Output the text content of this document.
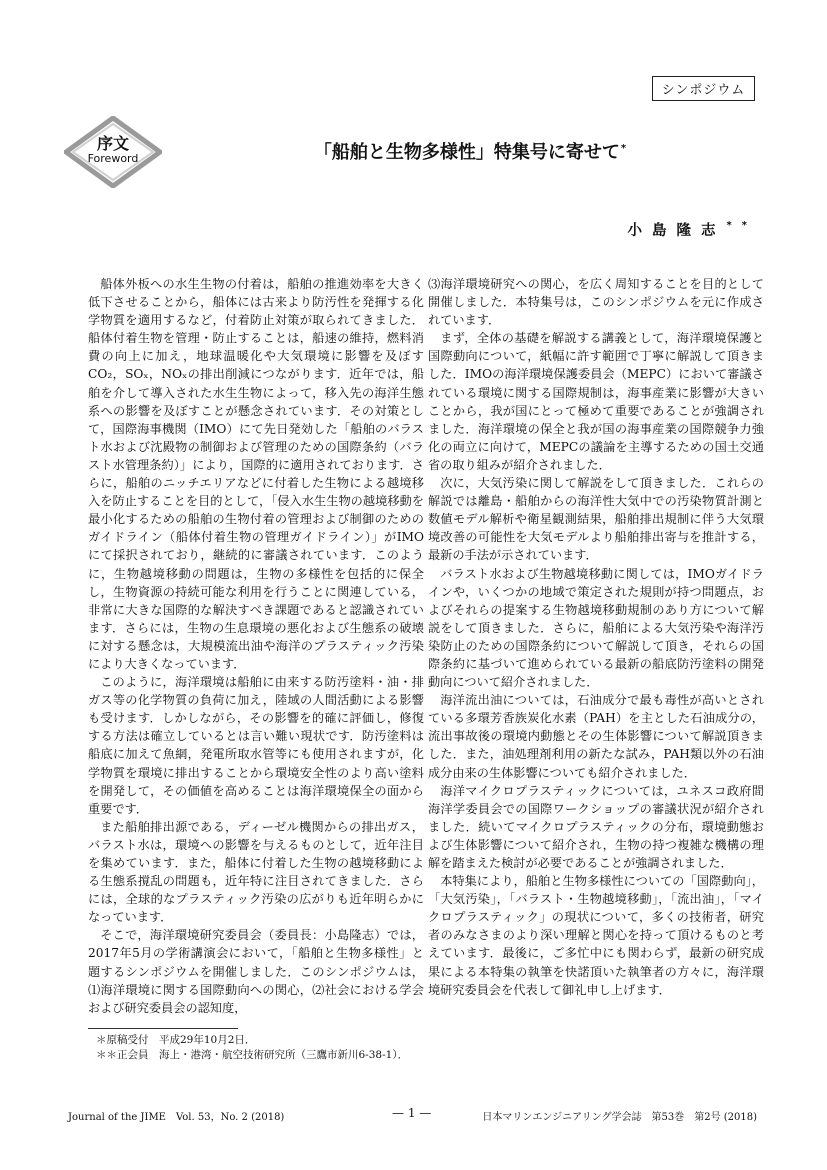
シンポジウム
序文
Foreword	「船舶と生物多様性」特集号に寄せて*
小島隆志**

船体外板への水生生物の付着は，船舶の推進効率を大きく低下させることから，船体には古来より防汚性を発揮する化学物質を適用するなど，付着防止対策が取られてきました．船体付着生物を管理・防止することは，船速の維持，燃料消費の向上に加え，地球温暖化や大気環境に影響を及ぼすCO₂，SOₓ，NOₓの排出削減につながります．近年では，船舶を介して導入された水生生物によって，移入先の海洋生態系への影響を及ぼすことが懸念されています．その対策として，国際海事機関（IMO）にて先日発効した「船舶のバラスト水および沈殿物の制御および管理のための国際条約（バラスト水管理条約）」により，国際的に適用されております．さらに，船舶のニッチエリアなどに付着した生物による越境移入を防止することを目的として，「侵入水生生物の越境移動を最小化するための船舶の生物付着の管理および制御のためのガイドライン（船体付着生物の管理ガイドライン）」がIMOにて採択されており，継続的に審議されています．このように，生物越境移動の問題は，生物の多様性を包括的に保全し，生物資源の持続可能な利用を行うことに関連している，非常に大きな国際的な解決すべき課題であると認識されています．さらには，生物の生息環境の悪化および生態系の破壊に対する懸念は，大規模流出油や海洋のプラスティック汚染により大きくなっています．

このように，海洋環境は船舶に由来する防汚塗料・油・排ガス等の化学物質の負荷に加え，陸域の人間活動による影響も受けます．しかしながら，その影響を的確に評価し，修復する方法は確立しているとは言い難い現状です．防汚塗料は船底に加えて魚網，発電所取水管等にも使用されますが，化学物質を環境に排出することから環境安全性のより高い塗料を開発して，その価値を高めることは海洋環境保全の面から重要です．

また船舶排出源である，ディーゼル機関からの排出ガス，バラスト水は，環境への影響を与えるものとして，近年注目を集めています．また，船体に付着した生物の越境移動による生態系撹乱の問題も，近年特に注目されてきました．さらには，全球的なプラスティック汚染の広がりも近年明らかになっています．

そこで，海洋環境研究委員会（委員長：小島隆志）では，2017年5月の学術講演会において，「船舶と生物多様性」と題するシンポジウムを開催しました．このシンポジウムは，⑴海洋環境に関する国際動向への関心，⑵社会における学会および研究委員会の認知度，

⑶海洋環境研究への関心，を広く周知することを目的として開催しました．本特集号は，このシンポジウムを元に作成されています．

まず，全体の基礎を解説する講義として，海洋環境保護と国際動向について，紙幅に許す範囲で丁寧に解説して頂きました．IMOの海洋環境保護委員会（MEPC）において審議されている環境に関する国際規制は，海事産業に影響が大きいことから，我が国にとって極めて重要であることが強調されました．海洋環境の保全と我が国の海事産業の国際競争力強化の両立に向けて，MEPCの議論を主導するための国土交通省の取り組みが紹介されました．

次に，大気汚染に関して解説をして頂きました．これらの解説では離島・船舶からの海洋性大気中での汚染物質計測と数値モデル解析や衛星観測結果，船舶排出規制に伴う大気環境改善の可能性を大気モデルより船舶排出寄与を推計する，最新の手法が示されています．

バラスト水および生物越境移動に関しては，IMOガイドラインや，いくつかの地域で策定された規則が持つ問題点，およびそれらの提案する生物越境移動規制のあり方について解説をして頂きました．さらに，船舶による大気汚染や海洋汚染防止のための国際条約について解説して頂き，それらの国際条約に基づいて進められている最新の船底防汚塗料の開発動向について紹介されました．

海洋流出油については，石油成分で最も毒性が高いとされている多環芳香族炭化水素（PAH）を主とした石油成分の，流出事故後の環境内動態とその生体影響について解説頂きました．また，油処理剤利用の新たな試み，PAH類以外の石油成分由来の生体影響についても紹介されました．

海洋マイクロプラスティックについては，ユネスコ政府間海洋学委員会での国際ワークショップの審議状況が紹介されました．続いてマイクロプラスティックの分布，環境動態および生体影響について紹介され，生物の持つ複雑な機構の理解を踏まえた検討が必要であることが強調されました．

本特集により，船舶と生物多様性についての「国際動向」，「大気汚染」，「バラスト・生物越境移動」，「流出油」，「マイクロプラスティック」の現状について，多くの技術者，研究者のみなさまのより深い理解と関心を持って頂けるものと考えています．最後に，ご多忙中にも関わらず，最新の研究成果による本特集の執筆を快諾頂いた執筆者の方々に，海洋環境研究委員会を代表して御礼申し上げます．

＊原稿受付　平成29年10月2日．
＊＊正会員　海上・港湾・航空技術研究所（三鷹市新川6-38-1）．
Journal of the JIME　Vol. 53，No. 2 (2018)	— 1 —	日本マリンエンジニアリング学会誌　第53巻　第2号 (2018)
